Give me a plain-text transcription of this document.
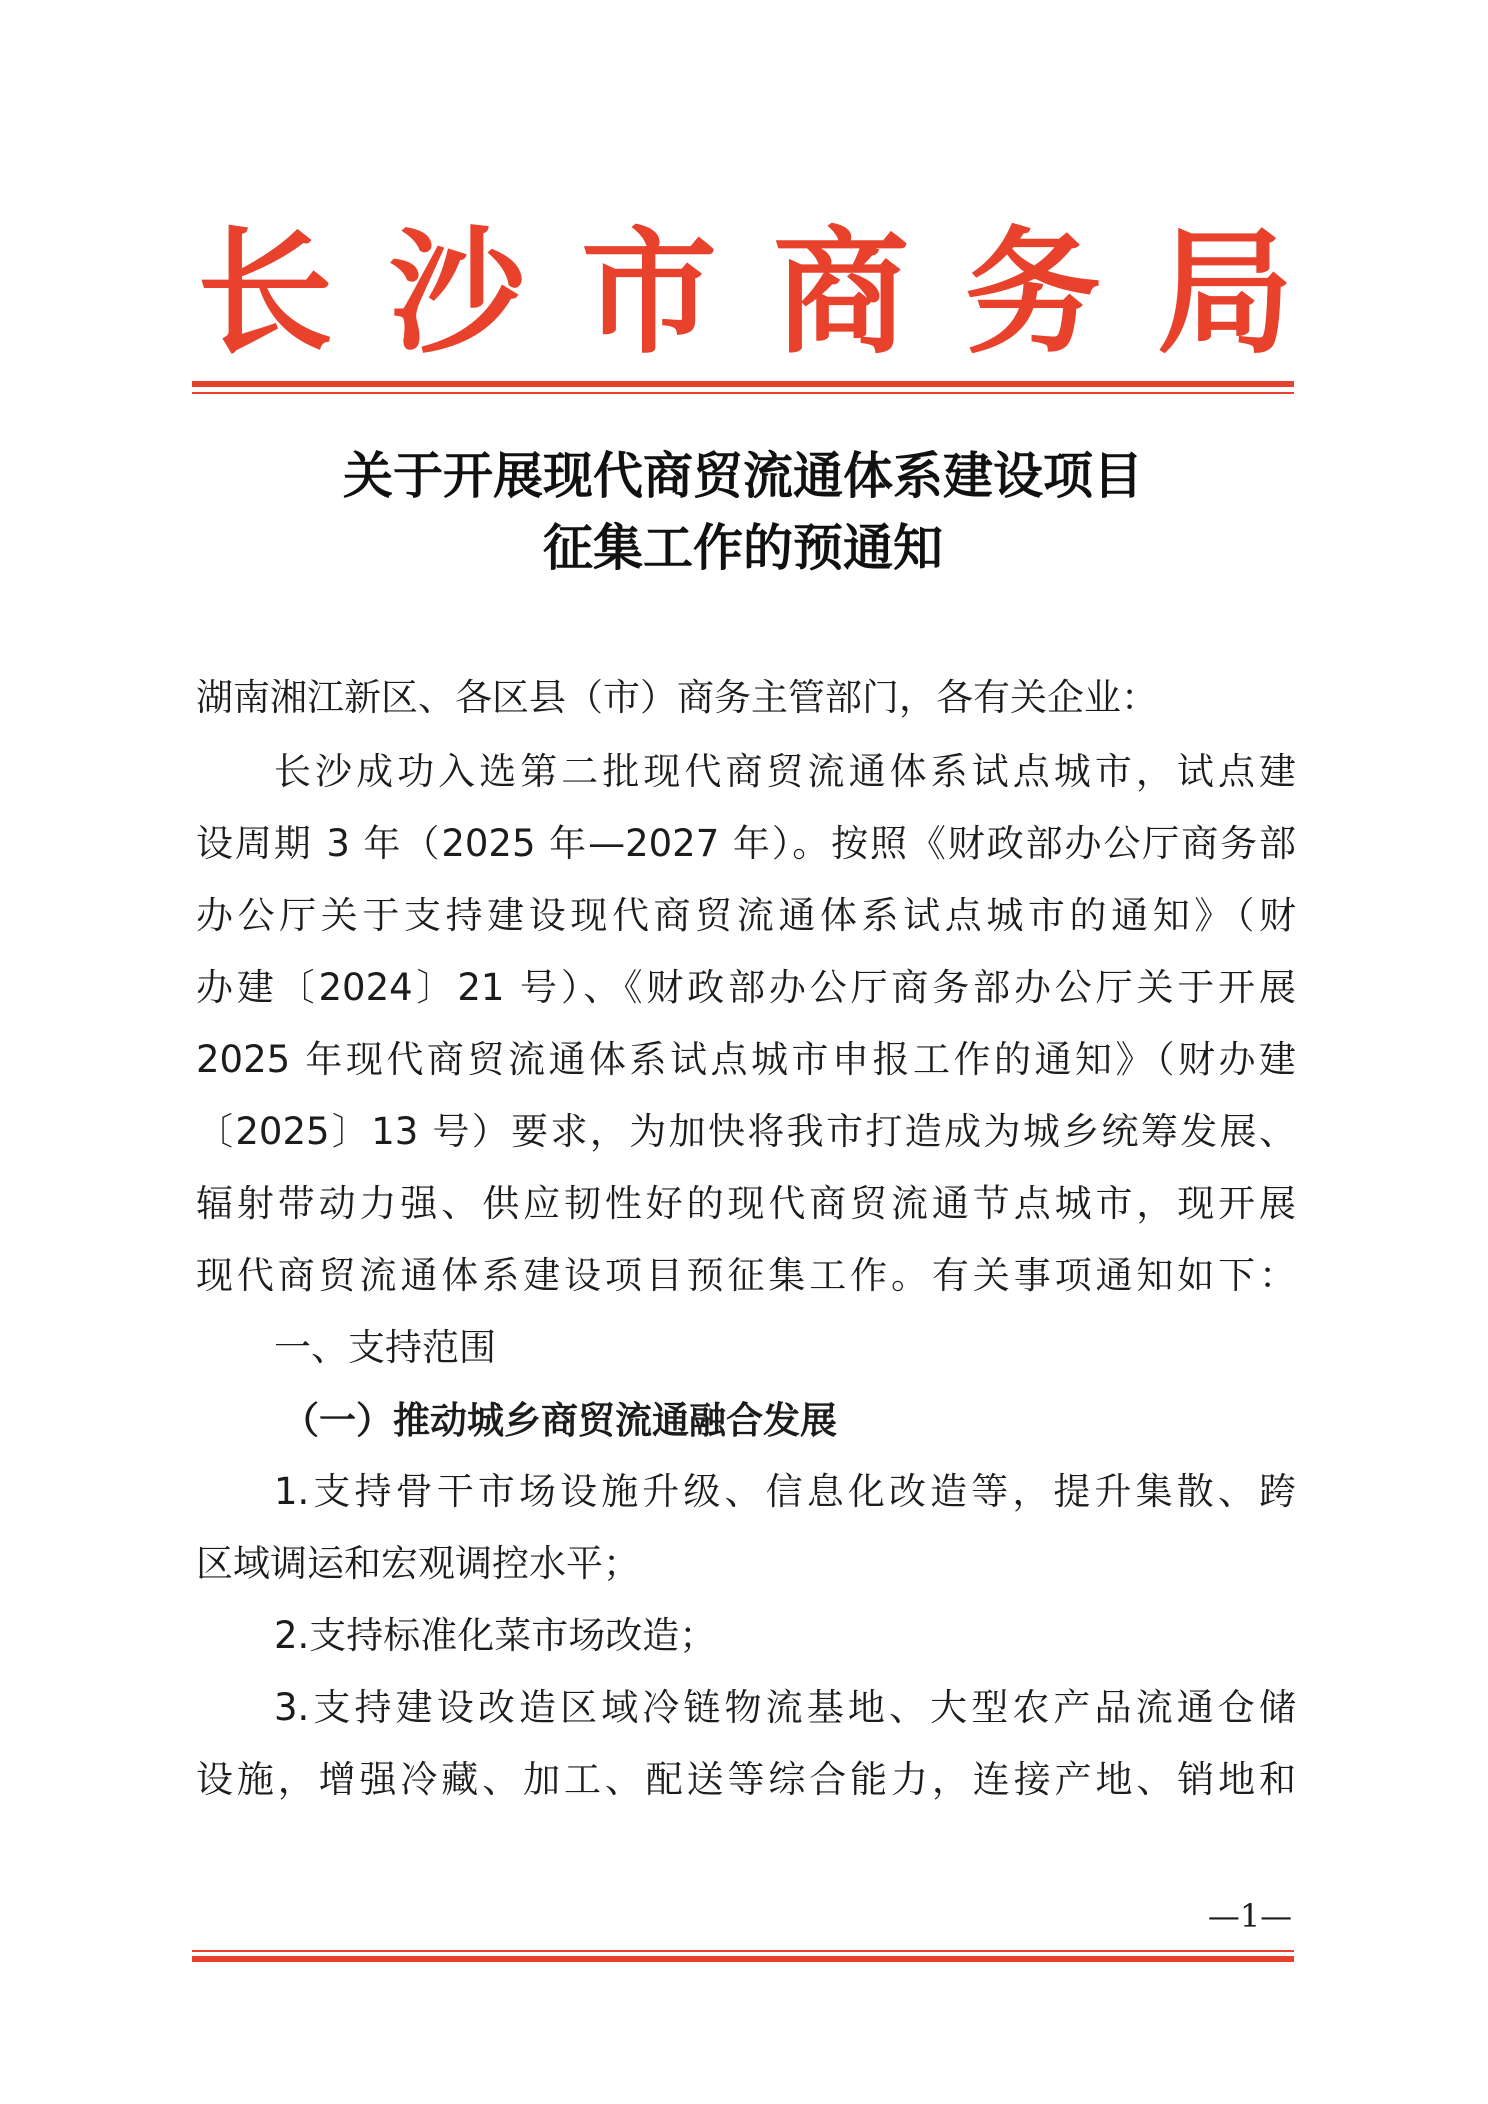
长 沙 市 商 务 局
关于开展现代商贸流通体系建设项目
征集工作的预通知
湖南湘江新区、各区县（市）商务主管部门，各有关企业：
长沙成功入选第二批现代商贸流通体系试点城市，试点建
设周期 3 年（2025 年—2027 年）。按照《财政部办公厅商务部
办公厅关于支持建设现代商贸流通体系试点城市的通知》（财
办建〔2024〕21 号）、《财政部办公厅商务部办公厅关于开展
2025 年现代商贸流通体系试点城市申报工作的通知》（财办建
〔2025〕13 号）要求，为加快将我市打造成为城乡统筹发展、
辐射带动力强、供应韧性好的现代商贸流通节点城市，现开展
现代商贸流通体系建设项目预征集工作。有关事项通知如下：
一、支持范围
（一）推动城乡商贸流通融合发展
1.支持骨干市场设施升级、信息化改造等，提升集散、跨
区域调运和宏观调控水平；
2.支持标准化菜市场改造；
3.支持建设改造区域冷链物流基地、大型农产品流通仓储
设施，增强冷藏、加工、配送等综合能力，连接产地、销地和
—1—
